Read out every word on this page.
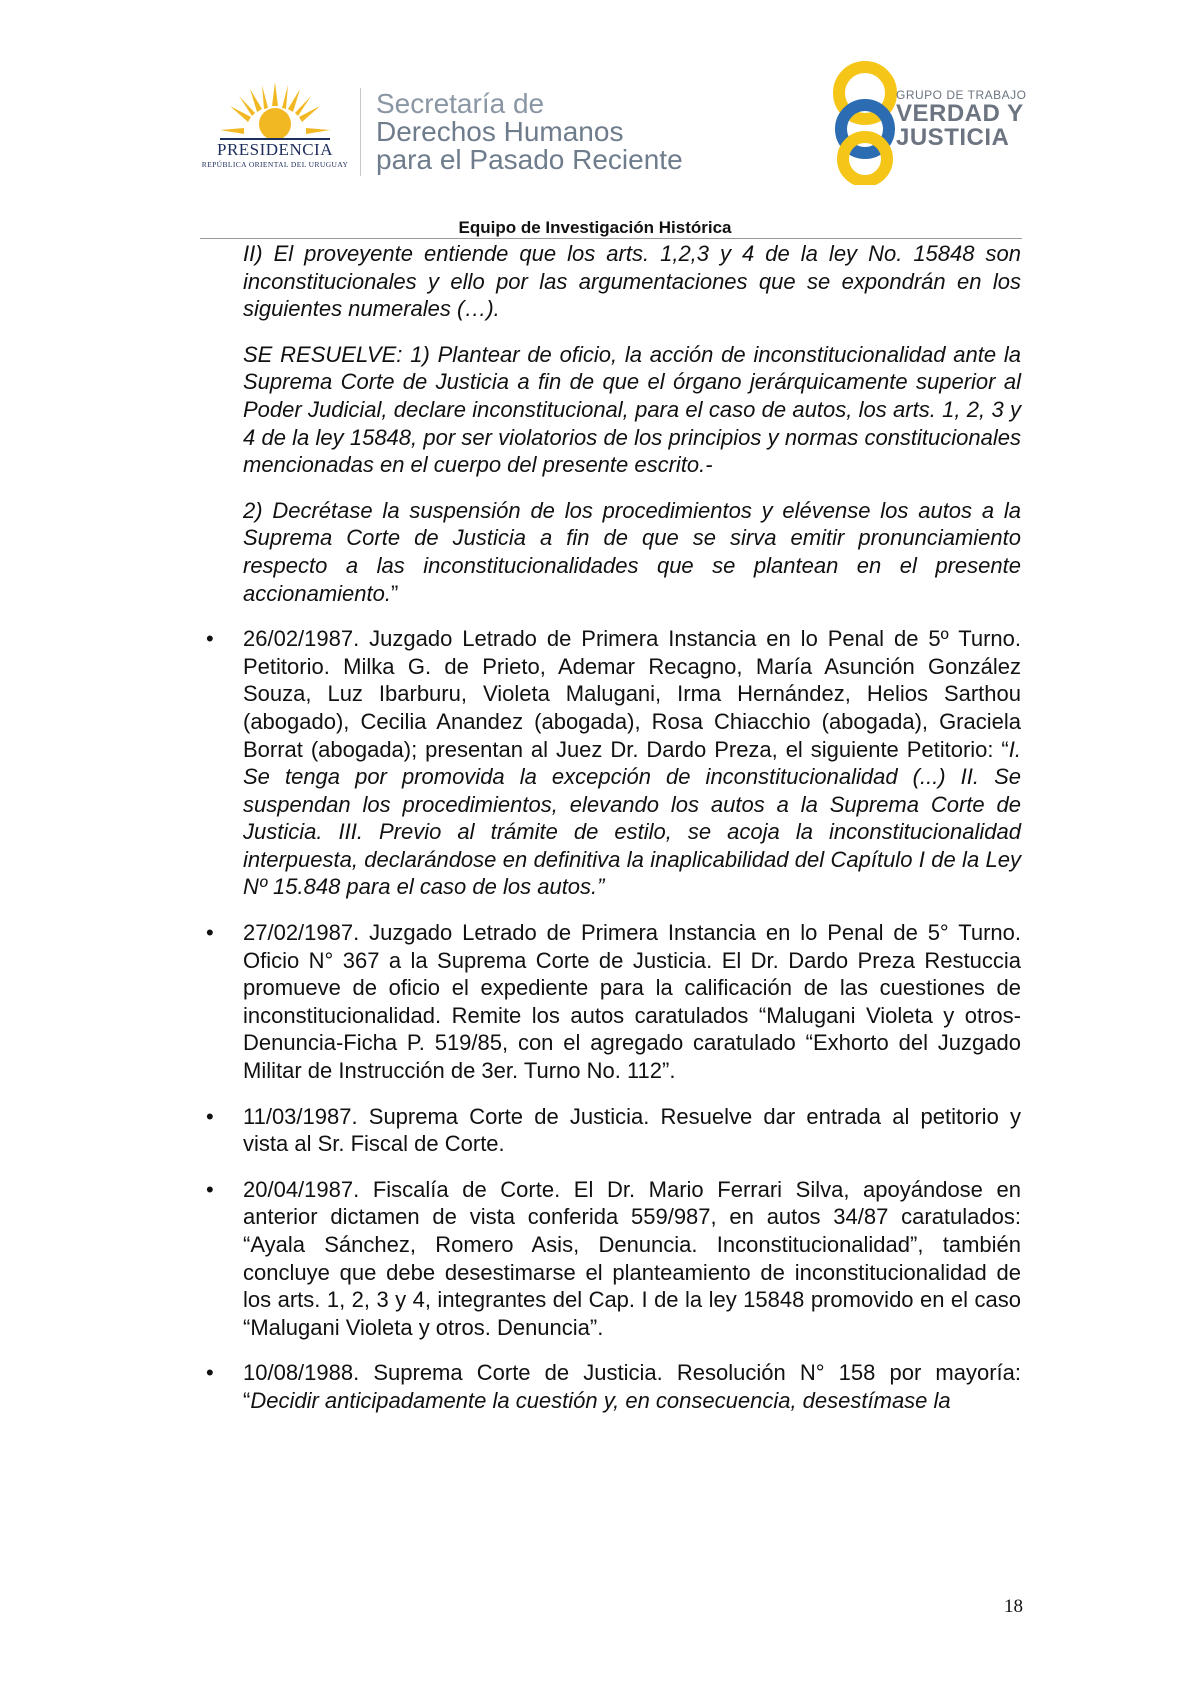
PRESIDENCIA
REPÚBLICA ORIENTAL DEL URUGUAY
Secretaría de
Derechos Humanos
para el Pasado Reciente
GRUPO DE TRABAJO
VERDAD Y
JUSTICIA
Equipo de Investigación Histórica

II) El proveyente entiende que los arts. 1,2,3 y 4 de la ley No. 15848 son inconstitucionales y ello por las argumentaciones que se expondrán en los siguientes numerales (…).

SE RESUELVE: 1) Plantear de oficio, la acción de inconstitucionalidad ante la Suprema Corte de Justicia a fin de que el órgano jerárquicamente superior al Poder Judicial, declare inconstitucional, para el caso de autos, los arts. 1, 2, 3 y 4 de la ley 15848, por ser violatorios de los principios y normas constitucionales mencionadas en el cuerpo del presente escrito.-

2) Decrétase la suspensión de los procedimientos y elévense los autos a la Suprema Corte de Justicia a fin de que se sirva emitir pronunciamiento respecto a las inconstitucionalidades que se plantean en el presente accionamiento.”

• 26/02/1987. Juzgado Letrado de Primera Instancia en lo Penal de 5º Turno. Petitorio. Milka G. de Prieto, Ademar Recagno, María Asunción González Souza, Luz Ibarburu, Violeta Malugani, Irma Hernández, Helios Sarthou (abogado), Cecilia Anandez (abogada), Rosa Chiacchio (abogada), Graciela Borrat (abogada); presentan al Juez Dr. Dardo Preza, el siguiente Petitorio: “I. Se tenga por promovida la excepción de inconstitucionalidad (...) II. Se suspendan los procedimientos, elevando los autos a la Suprema Corte de Justicia. III. Previo al trámite de estilo, se acoja la inconstitucionalidad interpuesta, declarándose en definitiva la inaplicabilidad del Capítulo I de la Ley Nº 15.848 para el caso de los autos.”
• 27/02/1987. Juzgado Letrado de Primera Instancia en lo Penal de 5° Turno. Oficio N° 367 a la Suprema Corte de Justicia. El Dr. Dardo Preza Restuccia promueve de oficio el expediente para la calificación de las cuestiones de inconstitucionalidad. Remite los autos caratulados “Malugani Violeta y otros-Denuncia-Ficha P. 519/85, con el agregado caratulado “Exhorto del Juzgado Militar de Instrucción de 3er. Turno No. 112”.
• 11/03/1987. Suprema Corte de Justicia. Resuelve dar entrada al petitorio y vista al Sr. Fiscal de Corte.
• 20/04/1987. Fiscalía de Corte. El Dr. Mario Ferrari Silva, apoyándose en anterior dictamen de vista conferida 559/987, en autos 34/87 caratulados: “Ayala Sánchez, Romero Asis, Denuncia. Inconstitucionalidad”, también concluye que debe desestimarse el planteamiento de inconstitucionalidad de los arts. 1, 2, 3 y 4, integrantes del Cap. I de la ley 15848 promovido en el caso “Malugani Violeta y otros. Denuncia”.
• 10/08/1988. Suprema Corte de Justicia. Resolución N° 158 por mayoría: “Decidir anticipadamente la cuestión y, en consecuencia, desestímase la
18
